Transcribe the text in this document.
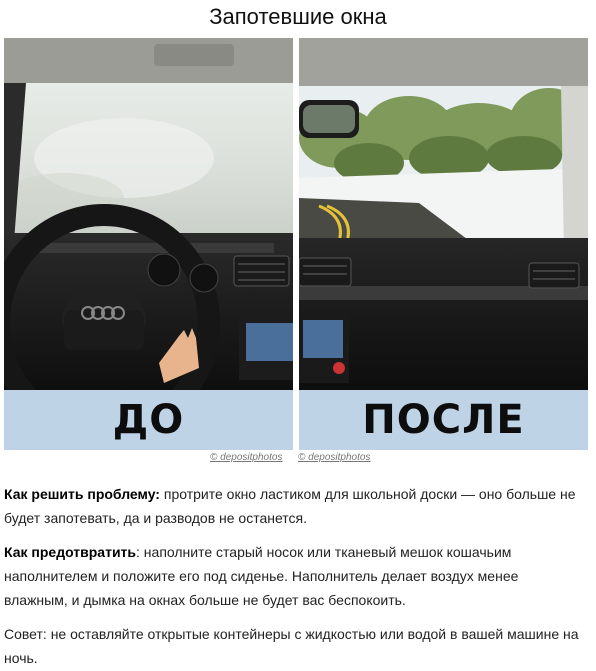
Запотевшие окна
ДО	ПОСЛЕ
© depositphotos © depositphotos
Как решить проблему: протрите окно ластиком для школьной доски — оно больше не будет запотевать, да и разводов не останется.
Как предотвратить: наполните старый носок или тканевый мешок кошачьим наполнителем и положите его под сиденье. Наполнитель делает воздух менее влажным, и дымка на окнах больше не будет вас беспокоить.
Совет: не оставляйте открытые контейнеры с жидкостью или водой в вашей машине на ночь.
